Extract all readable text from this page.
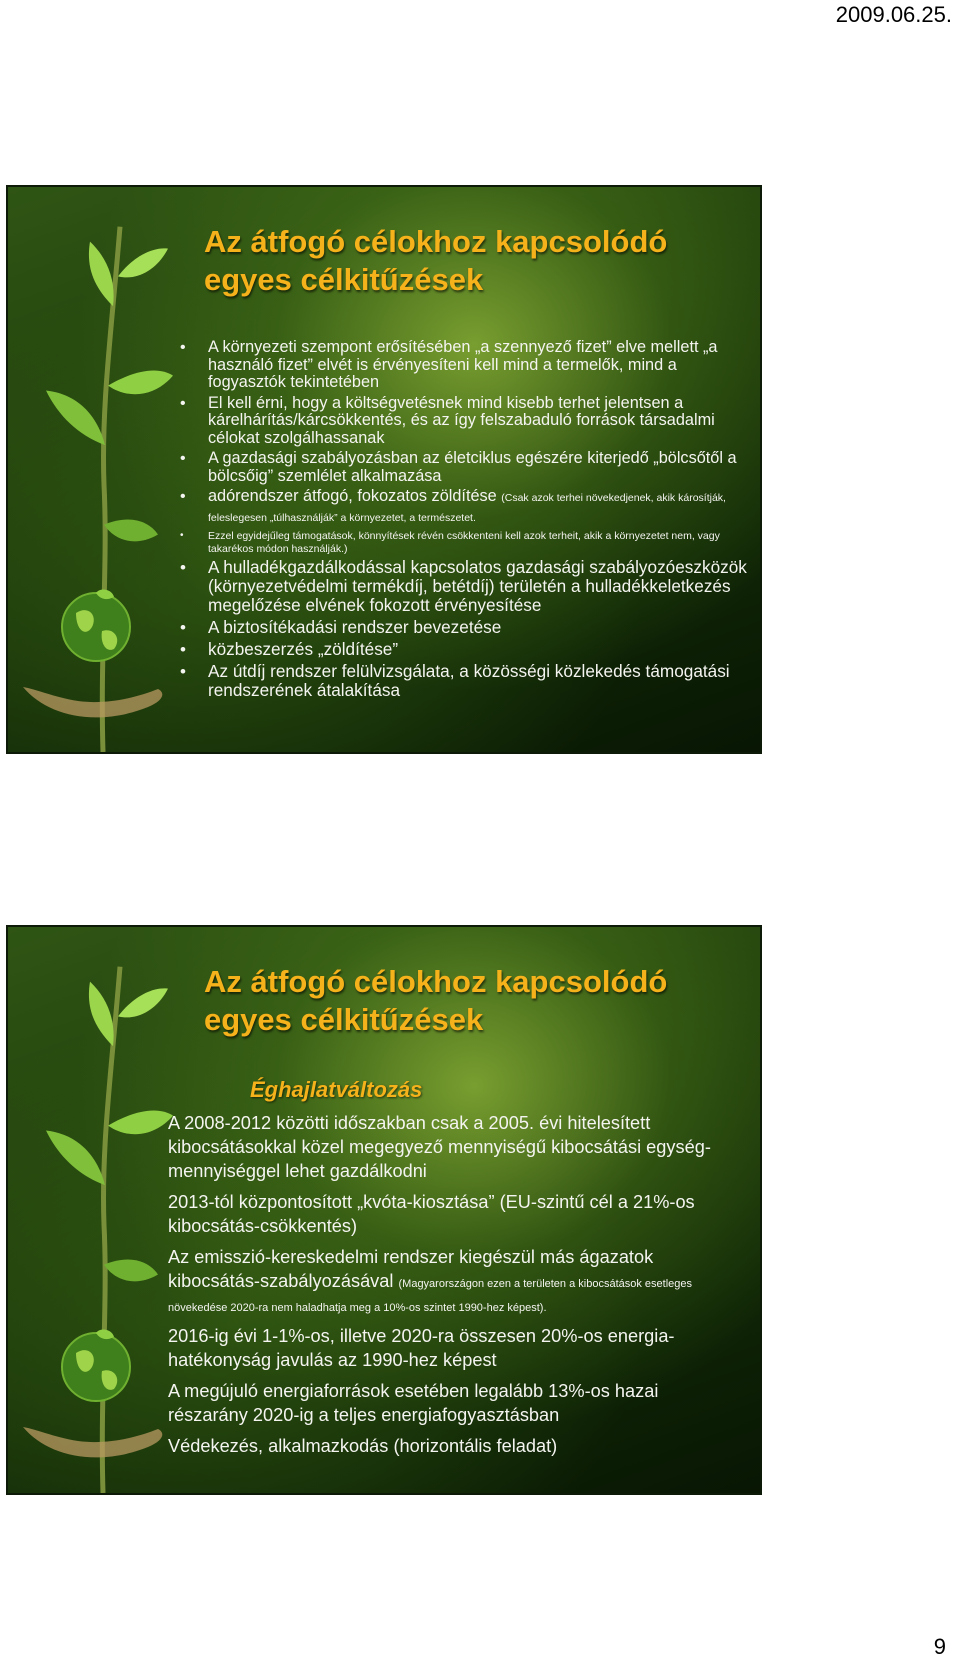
2009.06.25.
Az átfogó célokhoz kapcsolódó
egyes célkitűzések
• A környezeti szempont erősítésében „a szennyező fizet” elve mellett „a használó fizet” elvét is érvényesíteni kell mind a termelők, mind a fogyasztók tekintetében
• El kell érni, hogy a költségvetésnek mind kisebb terhet jelentsen a kárelhárítás/kárcsökkentés, és az így felszabaduló források társadalmi célokat szolgálhassanak
• A gazdasági szabályozásban az életciklus egészére kiterjedő „bölcsőtől a bölcsőig” szemlélet alkalmazása
• adórendszer átfogó, fokozatos zöldítése (Csak azok terhei növekedjenek, akik károsítják, feleslegesen „túlhasználják” a környezetet, a természetet.
• Ezzel egyidejűleg támogatások, könnyítések révén csökkenteni kell azok terheit, akik a környezetet nem, vagy takarékos módon használják.)
• A hulladékgazdálkodással kapcsolatos gazdasági szabályozóeszközök (környezetvédelmi termékdíj, betétdíj) területén a hulladékkeletkezés megelőzése elvének fokozott érvényesítése
• A biztosítékadási rendszer bevezetése
• közbeszerzés „zöldítése”
• Az útdíj rendszer felülvizsgálata, a közösségi közlekedés támogatási rendszerének átalakítása
Az átfogó célokhoz kapcsolódó
egyes célkitűzések
Éghajlatváltozás

A 2008-2012 közötti időszakban csak a 2005. évi hitelesített kibocsátásokkal közel megegyező mennyiségű kibocsátási egység-mennyiséggel lehet gazdálkodni

2013-tól központosított „kvóta-kiosztása” (EU-szintű cél a 21%-os kibocsátás-csökkentés)

Az emisszió-kereskedelmi rendszer kiegészül más ágazatok kibocsátás-szabályozásával (Magyarországon ezen a területen a kibocsátások esetleges növekedése 2020-ra nem haladhatja meg a 10%-os szintet 1990-hez képest).

2016-ig évi 1-1%-os, illetve 2020-ra összesen 20%-os energia-hatékonyság javulás az 1990-hez képest

A megújuló energiaforrások esetében legalább 13%-os hazai részarány 2020-ig a teljes energiafogyasztásban

Védekezés, alkalmazkodás (horizontális feladat)

9
